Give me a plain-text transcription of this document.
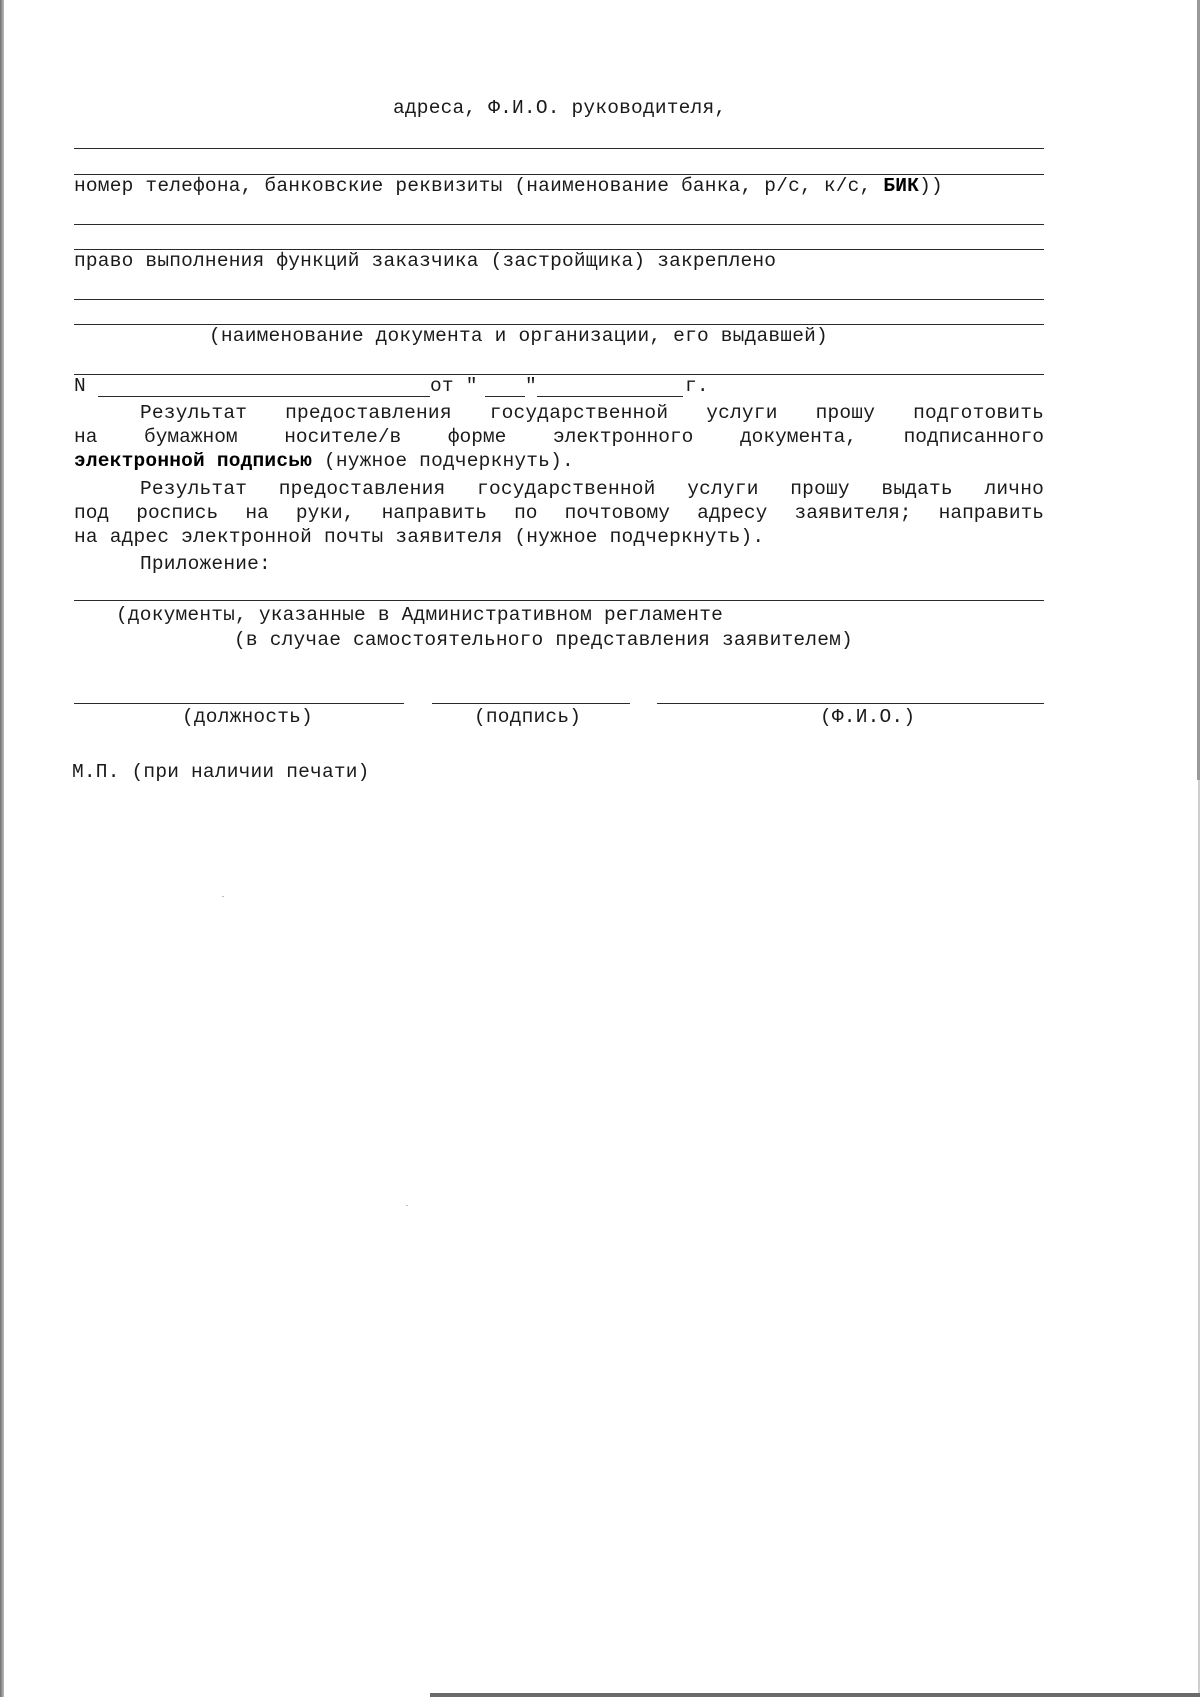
адреса, Ф.И.О. руководителя,
номер телефона, банковские реквизиты (наименование банка, р/с, к/с, БИК))
право выполнения функций заказчика (застройщика) закреплено
(наименование документа и организации, его выдавшей)
N	от " "	г.
Результат предоставления государственной услуги прошу подготовить
на бумажном носителе/в форме электронного документа, подписанного
электронной подписью (нужное подчеркнуть).
Результат предоставления государственной услуги прошу выдать лично
под роспись на руки, направить по почтовому адресу заявителя; направить
на адрес электронной почты заявителя (нужное подчеркнуть).
Приложение:
(документы, указанные в Административном регламенте
(в случае самостоятельного представления заявителем)
(должность)	(подпись)	(Ф.И.О.)
М.П. (при наличии печати)
